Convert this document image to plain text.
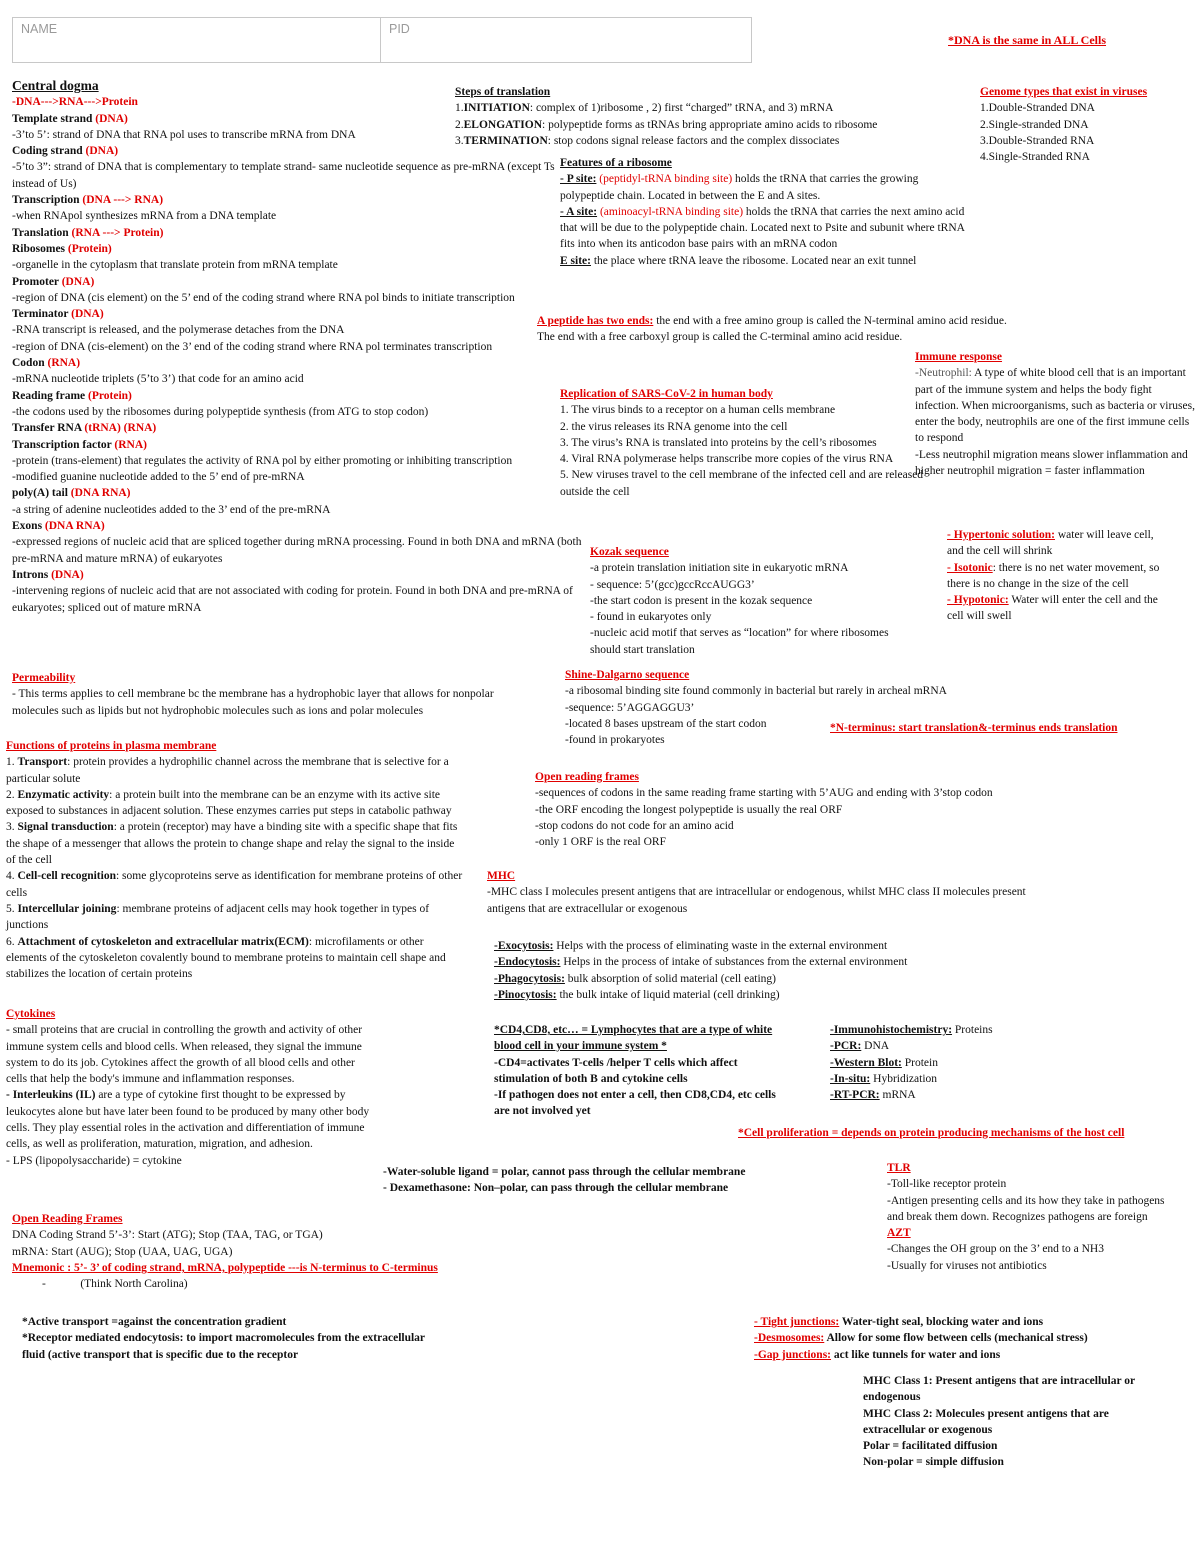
NAME	PID
*DNA is the same in ALL Cells

Central dogma

-DNA--->RNA--->Protein

Template strand (DNA)

-3’to 5’: strand of DNA that RNA pol uses to transcribe mRNA from DNA

Coding strand (DNA)

-5’to 3”: strand of DNA that is complementary to template strand- same nucleotide sequence as pre-mRNA (except Ts instead of Us)

Transcription (DNA ---> RNA)

-when RNApol synthesizes mRNA from a DNA template

Translation (RNA ---> Protein)

Ribosomes (Protein)

-organelle in the cytoplasm that translate protein from mRNA template

Promoter (DNA)

-region of DNA (cis element) on the 5’ end of the coding strand where RNA pol binds to initiate transcription

Terminator (DNA)

-RNA transcript is released, and the polymerase detaches from the DNA

-region of DNA (cis-element) on the 3’ end of the coding strand where RNA pol terminates transcription

Codon (RNA)

-mRNA nucleotide triplets (5’to 3’) that code for an amino acid

Reading frame (Protein)

-the codons used by the ribosomes during polypeptide synthesis (from ATG to stop codon)

Transfer RNA (tRNA) (RNA)

Transcription factor (RNA)

-protein (trans-element) that regulates the activity of RNA pol by either promoting or inhibiting transcription

-modified guanine nucleotide added to the 5’ end of pre-mRNA

poly(A) tail (DNA RNA)

-a string of adenine nucleotides added to the 3’ end of the pre-mRNA

Exons (DNA RNA)

-expressed regions of nucleic acid that are spliced together during mRNA processing. Found in both DNA and mRNA (both pre-mRNA and mature mRNA) of eukaryotes

Introns (DNA)

-intervening regions of nucleic acid that are not associated with coding for protein. Found in both DNA and pre-mRNA of eukaryotes; spliced out of mature mRNA

Permeability

- This terms applies to cell membrane bc the membrane has a hydrophobic layer that allows for nonpolar molecules such as lipids but not hydrophobic molecules such as ions and polar molecules

Functions of proteins in plasma membrane

1. Transport: protein provides a hydrophilic channel across the membrane that is selective for a particular solute

2. Enzymatic activity: a protein built into the membrane can be an enzyme with its active site exposed to substances in adjacent solution. These enzymes carries put steps in catabolic pathway

3. Signal transduction: a protein (receptor) may have a binding site with a specific shape that fits the shape of a messenger that allows the protein to change shape and relay the signal to the inside of the cell

4. Cell-cell recognition: some glycoproteins serve as identification for membrane proteins of other cells

5. Intercellular joining: membrane proteins of adjacent cells may hook together in types of junctions

6. Attachment of cytoskeleton and extracellular matrix(ECM): microfilaments or other elements of the cytoskeleton covalently bound to membrane proteins to maintain cell shape and stabilizes the location of certain proteins

Cytokines

- small proteins that are crucial in controlling the growth and activity of other immune system cells and blood cells. When released, they signal the immune system to do its job. Cytokines affect the growth of all blood cells and other cells that help the body's immune and inflammation responses.

- Interleukins (IL) are a type of cytokine first thought to be expressed by leukocytes alone but have later been found to be produced by many other body cells. They play essential roles in the activation and differentiation of immune cells, as well as proliferation, maturation, migration, and adhesion.

- LPS (lipopolysaccharide) = cytokine

Open Reading Frames

DNA Coding Strand 5’-3’: Start (ATG); Stop (TAA, TAG, or TGA)

mRNA: Start (AUG); Stop (UAA, UAG, UGA)

Mnemonic : 5’- 3’ of coding strand, mRNA, polypeptide ---is N-terminus to C-terminus

-            (Think North Carolina)

*Active transport =against the concentration gradient

*Receptor mediated endocytosis: to import macromolecules from the extracellular fluid (active transport that is specific due to the receptor

Steps of translation

1.INITIATION: complex of 1)ribosome , 2) first “charged” tRNA, and 3) mRNA

2.ELONGATION: polypeptide forms as tRNAs bring appropriate amino acids to ribosome

3.TERMINATION: stop codons signal release factors and the complex dissociates

Features of a ribosome

- P site: (peptidyl-tRNA binding site) holds the tRNA that carries the growing polypeptide chain. Located in between the E and A sites.

- A site: (aminoacyl-tRNA binding site) holds the tRNA that carries the next amino acid that will be due to the polypeptide chain. Located next to Psite and subunit where tRNA fits into when its anticodon base pairs with an mRNA codon

E site: the place where tRNA leave the ribosome. Located near an exit tunnel

A peptide has two ends: the end with a free amino group is called the N-terminal amino acid residue. The end with a free carboxyl group is called the C-terminal amino acid residue.

Replication of SARS-CoV-2 in human body

1. The virus binds to a receptor on a human cells membrane

2. the virus releases its RNA genome into the cell

3. The virus’s RNA is translated into proteins by the cell’s ribosomes

4. Viral RNA polymerase helps transcribe more copies of the virus RNA

5. New viruses travel to the cell membrane of the infected cell and are released outside the cell

Kozak sequence

-a protein translation initiation site in eukaryotic mRNA

- sequence: 5’(gcc)gccRccAUGG3’

-the start codon is present in the kozak sequence

- found in eukaryotes only

-nucleic acid motif that serves as “location” for where ribosomes should start translation

Shine-Dalgarno sequence

-a ribosomal binding site found commonly in bacterial but rarely in archeal mRNA

-sequence: 5’AGGAGGU3’

-located 8 bases upstream of the start codon

-found in prokaryotes

*N-terminus: start translation&-terminus ends translation

Open reading frames

-sequences of codons in the same reading frame starting with 5’AUG and ending with 3’stop codon

-the ORF encoding the longest polypeptide is usually the real ORF

-stop codons do not code for an amino acid

-only 1 ORF is the real ORF

MHC

-MHC class I molecules present antigens that are intracellular or endogenous, whilst MHC class II molecules present antigens that are extracellular or exogenous

-Exocytosis: Helps with the process of eliminating waste in the external environment

-Endocytosis: Helps in the process of intake of substances from the external environment

-Phagocytosis: bulk absorption of solid material (cell eating)

-Pinocytosis: the bulk intake of liquid material (cell drinking)

*CD4,CD8, etc… = Lymphocytes that are a type of white blood cell in your immune system *

-CD4=activates T-cells /helper T cells which affect stimulation of both B and cytokine cells

-If pathogen does not enter a cell, then CD8,CD4, etc cells are not involved yet

-Immunohistochemistry: Proteins

-PCR: DNA

-Western Blot: Protein

-In-situ: Hybridization

-RT-PCR: mRNA

*Cell proliferation = depends on protein producing mechanisms of the host cell

-Water-soluble ligand = polar, cannot pass through the cellular membrane

- Dexamethasone: Non–polar, can pass through the cellular membrane

TLR

-Toll-like receptor protein

-Antigen presenting cells and its how they take in pathogens and break them down. Recognizes pathogens are foreign

AZT

-Changes the OH group on the 3’ end to a NH3

-Usually for viruses not antibiotics

- Tight junctions: Water-tight seal, blocking water and ions

-Desmosomes: Allow for some flow between cells (mechanical stress)

-Gap junctions: act like tunnels for water and ions

MHC Class 1: Present antigens that are intracellular or endogenous

MHC Class 2: Molecules present antigens that are extracellular or exogenous

Polar = facilitated diffusion

Non-polar = simple diffusion

Genome types that exist in viruses

1.Double-Stranded DNA

2.Single-stranded DNA

3.Double-Stranded RNA

4.Single-Stranded RNA

Immune response

-Neutrophil: A type of white blood cell that is an important part of the immune system and helps the body fight infection. When microorganisms, such as bacteria or viruses, enter the body, neutrophils are one of the first immune cells to respond

-Less neutrophil migration means slower inflammation and higher neutrophil migration = faster inflammation

- Hypertonic solution: water will leave cell, and the cell will shrink

- Isotonic: there is no net water movement, so there is no change in the size of the cell

- Hypotonic: Water will enter the cell and the cell will swell
